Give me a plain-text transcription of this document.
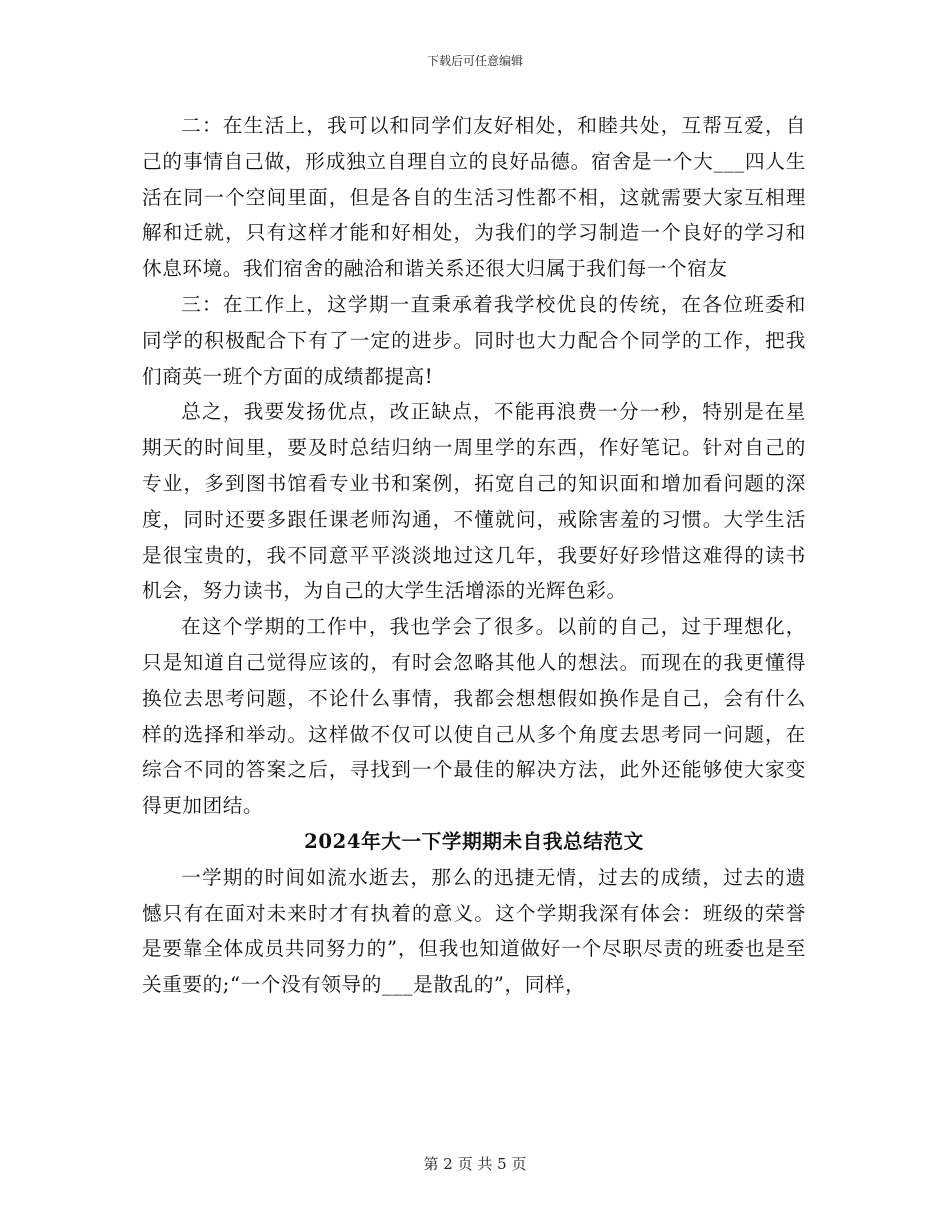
下载后可任意编辑

二：在生活上，我可以和同学们友好相处，和睦共处，互帮互爱，自己的事情自己做，形成独立自理自立的良好品德。宿舍是一个大___四人生活在同一个空间里面，但是各自的生活习性都不相，这就需要大家互相理解和迁就，只有这样才能和好相处，为我们的学习制造一个良好的学习和休息环境。我们宿舍的融洽和谐关系还很大归属于我们每一个宿友

三：在工作上，这学期一直秉承着我学校优良的传统，在各位班委和同学的积极配合下有了一定的进步。同时也大力配合个同学的工作，把我们商英一班个方面的成绩都提高!

总之，我要发扬优点，改正缺点，不能再浪费一分一秒，特别是在星期天的时间里，要及时总结归纳一周里学的东西，作好笔记。针对自己的专业，多到图书馆看专业书和案例，拓宽自己的知识面和增加看问题的深度，同时还要多跟任课老师沟通，不懂就问，戒除害羞的习惯。大学生活是很宝贵的，我不同意平平淡淡地过这几年，我要好好珍惜这难得的读书机会，努力读书，为自己的大学生活增添的光辉色彩。

在这个学期的工作中，我也学会了很多。以前的自己，过于理想化，只是知道自己觉得应该的，有时会忽略其他人的想法。而现在的我更懂得换位去思考问题，不论什么事情，我都会想想假如换作是自己，会有什么样的选择和举动。这样做不仅可以使自己从多个角度去思考同一问题，在综合不同的答案之后，寻找到一个最佳的解决方法，此外还能够使大家变得更加团结。

2024年大一下学期期未自我总结范文

一学期的时间如流水逝去，那么的迅捷无情，过去的成绩，过去的遗憾只有在面对未来时才有执着的意义。这个学期我深有体会：班级的荣誉是要靠全体成员共同努力的”，但我也知道做好一个尽职尽责的班委也是至关重要的;“一个没有领导的___是散乱的”，同样，

第 2 页 共 5 页
